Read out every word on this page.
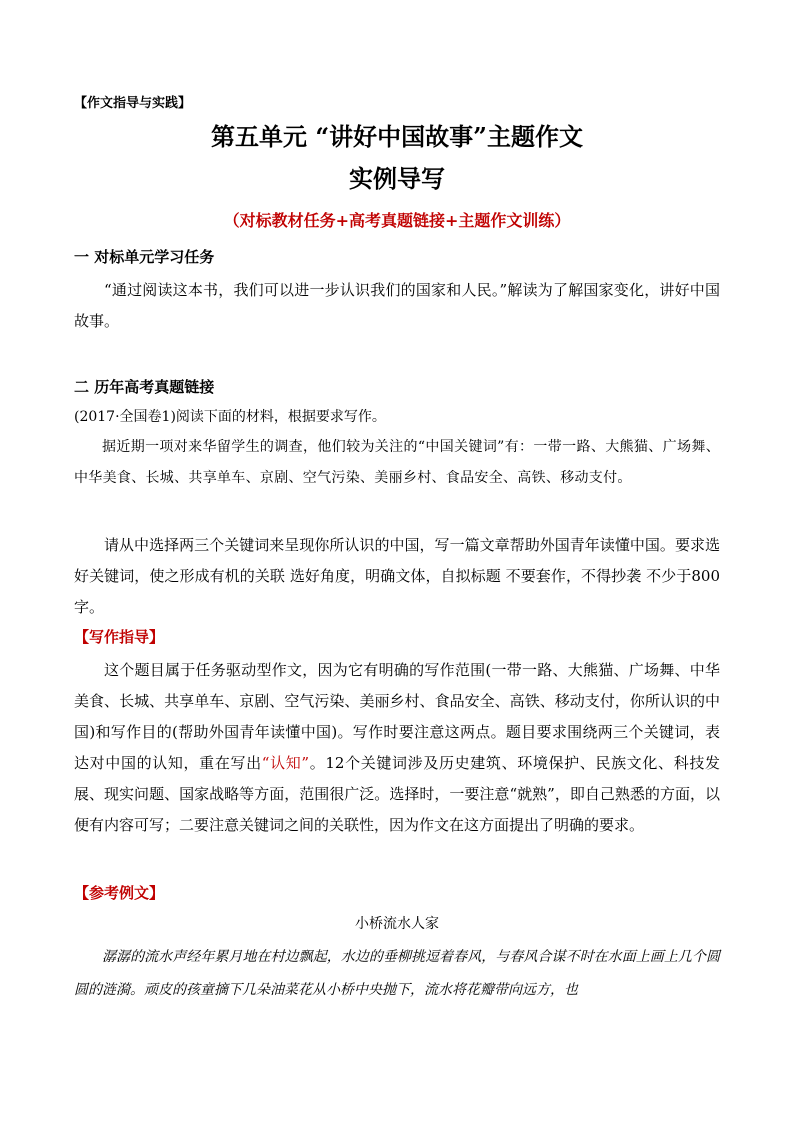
【作文指导与实践】

第五单元 “讲好中国故事”主题作文
实例导写

（对标教材任务+高考真题链接+主题作文训练）

一 对标单元学习任务

“通过阅读这本书，我们可以进一步认识我们的国家和人民。”解读为了解国家变化，讲好中国故事。

二 历年高考真题链接

(2017·全国卷1)阅读下面的材料，根据要求写作。

据近期一项对来华留学生的调查，他们较为关注的“中国关键词”有：一带一路、大熊猫、广场舞、中华美食、长城、共享单车、京剧、空气污染、美丽乡村、食品安全、高铁、移动支付。

请从中选择两三个关键词来呈现你所认识的中国，写一篇文章帮助外国青年读懂中国。要求选好关键词，使之形成有机的关联 选好角度，明确文体，自拟标题 不要套作，不得抄袭 不少于800字。

【写作指导】

这个题目属于任务驱动型作文，因为它有明确的写作范围(一带一路、大熊猫、广场舞、中华美食、长城、共享单车、京剧、空气污染、美丽乡村、食品安全、高铁、移动支付，你所认识的中国)和写作目的(帮助外国青年读懂中国)。写作时要注意这两点。题目要求围绕两三个关键词，表达对中国的认知，重在写出“认知”。12个关键词涉及历史建筑、环境保护、民族文化、科技发展、现实问题、国家战略等方面，范围很广泛。选择时，一要注意“就熟”，即自己熟悉的方面，以便有内容可写；二要注意关键词之间的关联性，因为作文在这方面提出了明确的要求。

【参考例文】

小桥流水人家

潺潺的流水声经年累月地在村边飘起，水边的垂柳挑逗着春风，与春风合谋不时在水面上画上几个圆圆的涟漪。顽皮的孩童摘下几朵油菜花从小桥中央抛下，流水将花瓣带向远方，也
